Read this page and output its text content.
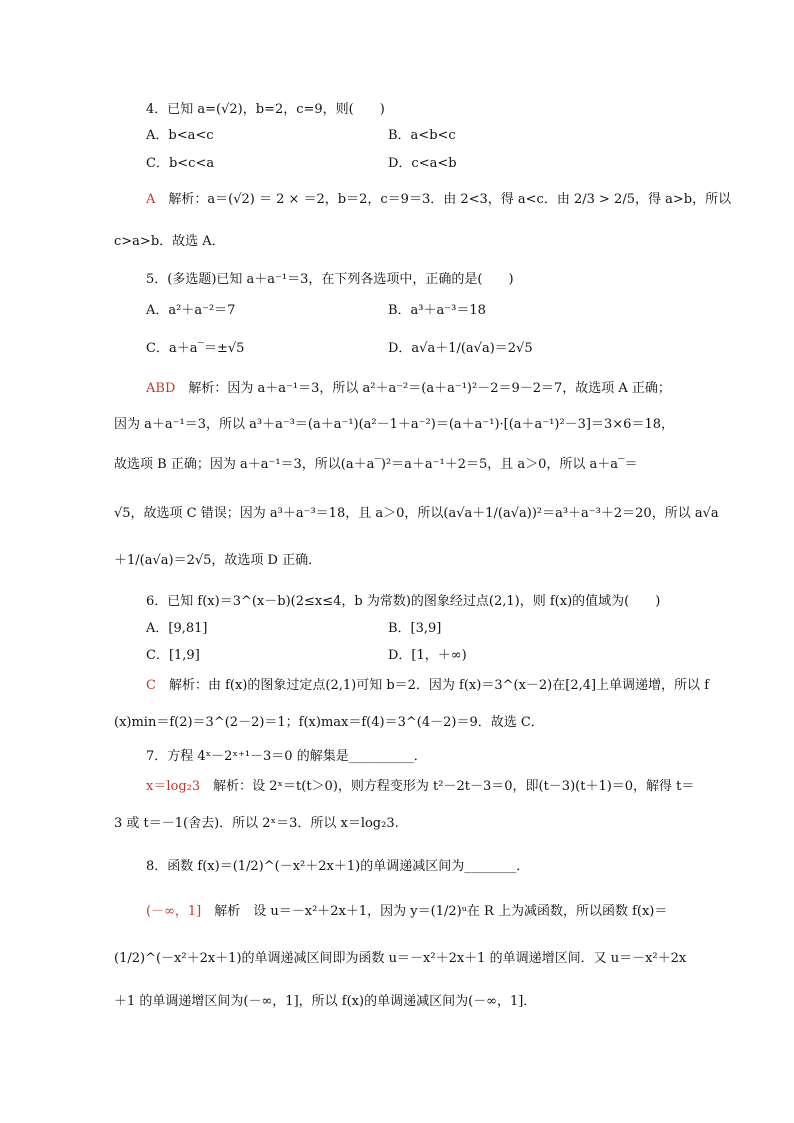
4．已知 a=(√2)，b=2，c=9，则(　　)
A．b<a<c	B．a<b<c
C．b<c<a	D．c<a<b
A　解析：a＝(√2) ＝ 2 × ＝2，b＝2，c＝9＝3．由 2<3，得 a<c．由 2/3 > 2/5，得 a>b，所以
c>a>b．故选 A．
5．(多选题)已知 a＋a⁻¹＝3，在下列各选项中，正确的是(　　)
A．a²＋a⁻²＝7	B．a³＋a⁻³＝18
C．a＋a‾＝±√5	D．a√a＋1/(a√a)＝2√5
ABD　解析：因为 a＋a⁻¹＝3，所以 a²＋a⁻²＝(a＋a⁻¹)²－2＝9－2＝7，故选项 A 正确；
因为 a＋a⁻¹＝3，所以 a³＋a⁻³＝(a＋a⁻¹)(a²－1＋a⁻²)＝(a＋a⁻¹)·[(a＋a⁻¹)²－3]＝3×6＝18，
故选项 B 正确；因为 a＋a⁻¹＝3，所以(a＋a‾)²＝a＋a⁻¹＋2＝5，且 a＞0，所以 a＋a‾＝
√5，故选项 C 错误；因为 a³＋a⁻³＝18，且 a＞0，所以(a√a＋1/(a√a))²＝a³＋a⁻³＋2＝20，所以 a√a
＋1/(a√a)＝2√5，故选项 D 正确．
6．已知 f(x)＝3^(x－b)(2≤x≤4，b 为常数)的图象经过点(2,1)，则 f(x)的值域为(　　)
A．[9,81]	B．[3,9]
C．[1,9]	D．[1，＋∞)
C　解析：由 f(x)的图象过定点(2,1)可知 b＝2．因为 f(x)＝3^(x－2)在[2,4]上单调递增，所以 f
(x)min＝f(2)＝3^(2－2)＝1；f(x)max＝f(4)＝3^(4－2)＝9．故选 C．
7．方程 4ˣ－2ˣ⁺¹－3＝0 的解集是__________．
x＝log₂3　解析：设 2ˣ＝t(t＞0)，则方程变形为 t²－2t－3＝0，即(t－3)(t＋1)＝0，解得 t＝
3 或 t＝－1(舍去)．所以 2ˣ＝3．所以 x＝log₂3.
8．函数 f(x)＝(1/2)^(－x²＋2x＋1)的单调递减区间为________．
(－∞，1]　解析　设 u＝－x²＋2x＋1，因为 y＝(1/2)ᵘ在 R 上为减函数，所以函数 f(x)＝
(1/2)^(－x²＋2x＋1)的单调递减区间即为函数 u＝－x²＋2x＋1 的单调递增区间．又 u＝－x²＋2x
＋1 的单调递增区间为(－∞，1]，所以 f(x)的单调递减区间为(－∞，1]．
